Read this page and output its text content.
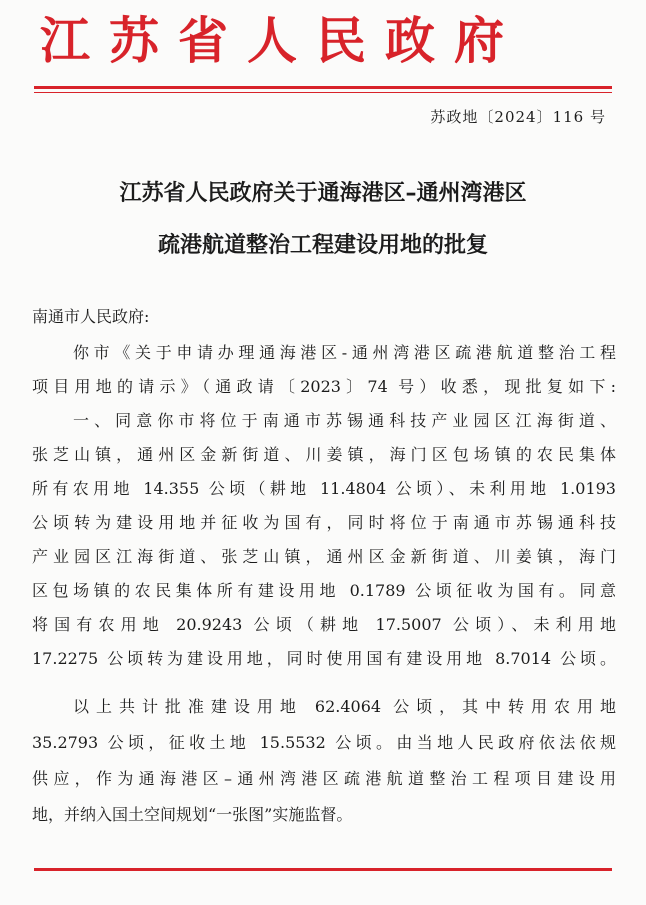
江苏省人民政府
苏政地〔2024〕116 号
江苏省人民政府关于通海港区–通州湾港区
疏港航道整治工程建设用地的批复
南通市人民政府:
你市《关于申请办理通海港区-通州湾港区疏港航道整治工程
项目用地的请示》（通政请〔2023〕74 号）收悉，现批复如下:
一、同意你市将位于南通市苏锡通科技产业园区江海街道、
张芝山镇，通州区金新街道、川姜镇，海门区包场镇的农民集体
所有农用地 14.355 公顷（耕地 11.4804 公顷）、未利用地 1.0193
公顷转为建设用地并征收为国有，同时将位于南通市苏锡通科技
产业园区江海街道、张芝山镇，通州区金新街道、川姜镇，海门
区包场镇的农民集体所有建设用地 0.1789 公顷征收为国有。同意
将国有农用地 20.9243 公顷（耕地 17.5007 公顷）、未利用地
17.2275 公顷转为建设用地，同时使用国有建设用地 8.7014 公顷。
以上共计批准建设用地 62.4064 公顷，其中转用农用地
35.2793 公顷，征收土地 15.5532 公顷。由当地人民政府依法依规
供应，作为通海港区–通州湾港区疏港航道整治工程项目建设用
地，并纳入国土空间规划“一张图”实施监督。
